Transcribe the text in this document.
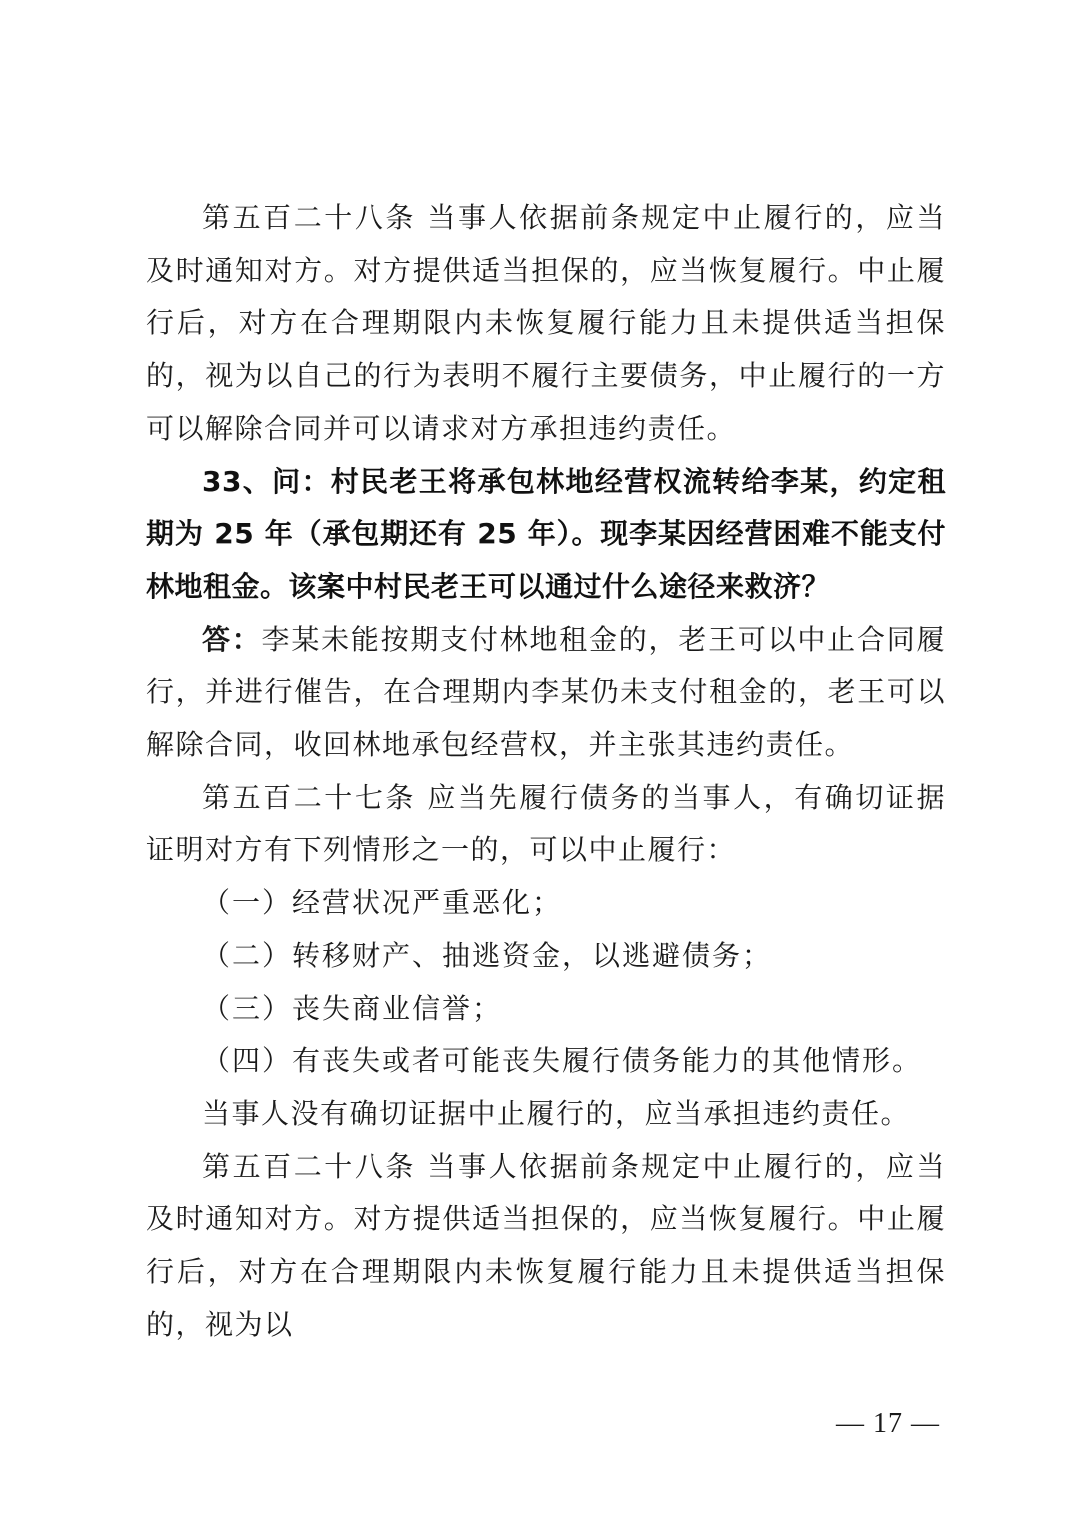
第五百二十八条 当事人依据前条规定中止履行的，应当及时通知对方。对方提供适当担保的，应当恢复履行。中止履行后，对方在合理期限内未恢复履行能力且未提供适当担保的，视为以自己的行为表明不履行主要债务，中止履行的一方可以解除合同并可以请求对方承担违约责任。

33、问：村民老王将承包林地经营权流转给李某，约定租期为 25 年（承包期还有 25 年）。现李某因经营困难不能支付林地租金。该案中村民老王可以通过什么途径来救济？

答：李某未能按期支付林地租金的，老王可以中止合同履行，并进行催告，在合理期内李某仍未支付租金的，老王可以解除合同，收回林地承包经营权，并主张其违约责任。

第五百二十七条 应当先履行债务的当事人，有确切证据证明对方有下列情形之一的，可以中止履行：

（一）经营状况严重恶化；

（二）转移财产、抽逃资金，以逃避债务；

（三）丧失商业信誉；

（四）有丧失或者可能丧失履行债务能力的其他情形。

当事人没有确切证据中止履行的，应当承担违约责任。

第五百二十八条 当事人依据前条规定中止履行的，应当及时通知对方。对方提供适当担保的，应当恢复履行。中止履行后，对方在合理期限内未恢复履行能力且未提供适当担保的，视为以

— 17 —
